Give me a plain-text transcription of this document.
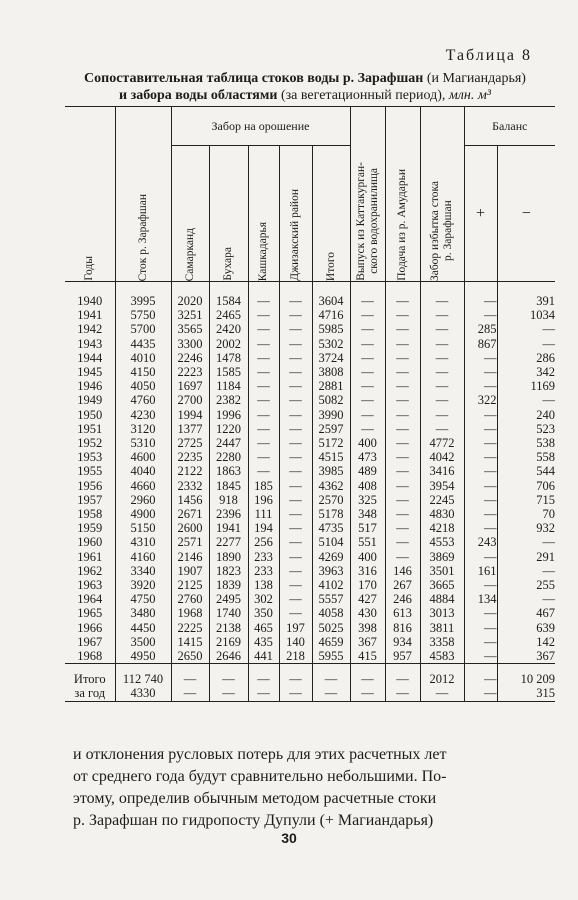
Таблица 8
Сопоставительная таблица стоков воды р. Зарафшан (и Магиандарья)
и забора воды областями (за вегетационный период), млн. м³
Годы	Сток р. Зарафшан	Забор на орошение					Выпуск из Каттакурган-
ского водохранилища	Подача из р. Амударьи	Забор избытка стока
р. Зарафшан	Баланс	

		Самарканд	Бухара	Кашкадарья	Джизакский район	Итого				+	−

1940	3995	2020	1584	—	—	3604	—	—	—	—	391
1941	5750	3251	2465	—	—	4716	—	—	—	—	1034
1942	5700	3565	2420	—	—	5985	—	—	—	285	—
1943	4435	3300	2002	—	—	5302	—	—	—	867	—
1944	4010	2246	1478	—	—	3724	—	—	—	—	286
1945	4150	2223	1585	—	—	3808	—	—	—	—	342
1946	4050	1697	1184	—	—	2881	—	—	—	—	1169
1949	4760	2700	2382	—	—	5082	—	—	—	322	—
1950	4230	1994	1996	—	—	3990	—	—	—	—	240
1951	3120	1377	1220	—	—	2597	—	—	—	—	523
1952	5310	2725	2447	—	—	5172	400	—	4772	—	538
1953	4600	2235	2280	—	—	4515	473	—	4042	—	558
1955	4040	2122	1863	—	—	3985	489	—	3416	—	544
1956	4660	2332	1845	185	—	4362	408	—	3954	—	706
1957	2960	1456	918	196	—	2570	325	—	2245	—	715
1958	4900	2671	2396	111	—	5178	348	—	4830	—	70
1959	5150	2600	1941	194	—	4735	517	—	4218	—	932
1960	4310	2571	2277	256	—	5104	551	—	4553	243	—
1961	4160	2146	1890	233	—	4269	400	—	3869	—	291
1962	3340	1907	1823	233	—	3963	316	146	3501	161	—
1963	3920	2125	1839	138	—	4102	170	267	3665	—	255
1964	4750	2760	2495	302	—	5557	427	246	4884	134	—
1965	3480	1968	1740	350	—	4058	430	613	3013	—	467
1966	4450	2225	2138	465	197	5025	398	816	3811	—	639
1967	3500	1415	2169	435	140	4659	367	934	3358	—	142
1968	4950	2650	2646	441	218	5955	415	957	4583	—	367

Итого	112 740	—	—	—	—	—	—	—	2012	—	10 209
за год	4330	—	—	—	—	—	—	—	—	—	315
и отклонения русловых потерь для этих расчетных лет
от среднего года будут сравнительно небольшими. По-
этому, определив обычным методом расчетные стоки
р. Зарафшан по гидропосту Дупули (+ Магиандарья)
30
